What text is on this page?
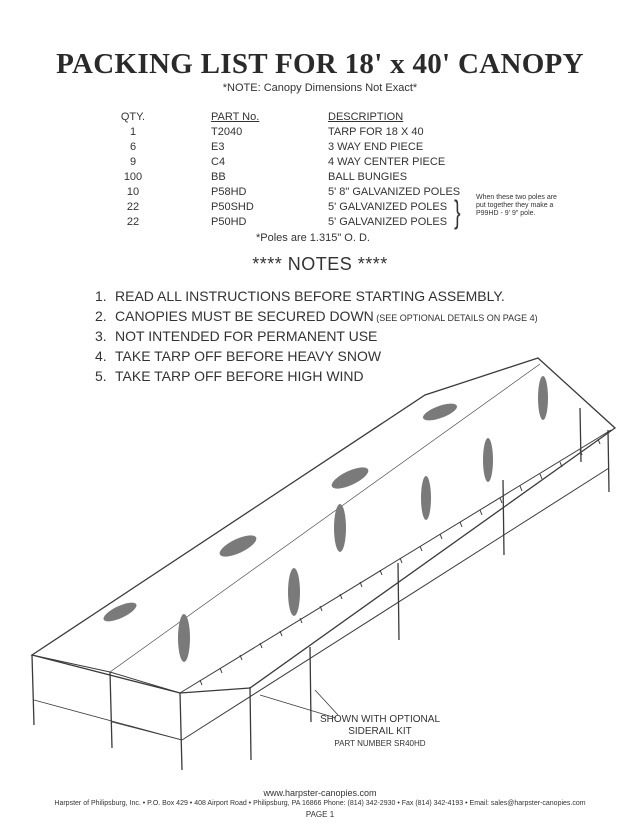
PACKING LIST FOR 18' x 40' CANOPY
*NOTE: Canopy Dimensions Not Exact*
QTY.	PART No.	DESCRIPTION
1	T2040	TARP FOR 18 X 40
6	E3	3 WAY END PIECE
9	C4	4 WAY CENTER PIECE
100	BB	BALL BUNGIES
10	P58HD	5' 8" GALVANIZED POLES
22	P50SHD	5' GALVANIZED POLES
22	P50HD	5' GALVANIZED POLES } When these two poles are put together they make a P99HD - 9' 9" pole.
*Poles are 1.315" O. D.
**** NOTES ****
1. READ ALL INSTRUCTIONS BEFORE STARTING ASSEMBLY.
2. CANOPIES MUST BE SECURED DOWN (SEE OPTIONAL DETAILS ON PAGE 4)
3. NOT INTENDED FOR PERMANENT USE
4. TAKE TARP OFF BEFORE HEAVY SNOW
5. TAKE TARP OFF BEFORE HIGH WIND
SHOWN WITH OPTIONAL
SIDERAIL KIT
PART NUMBER SR40HD
www.harpster-canopies.com
Harpster of Philipsburg, Inc. • P.O. Box 429 • 408 Airport Road • Philipsburg, PA 16866 Phone: (814) 342-2930 • Fax (814) 342-4193 • Email: sales@harpster-canopies.com
PAGE 1
